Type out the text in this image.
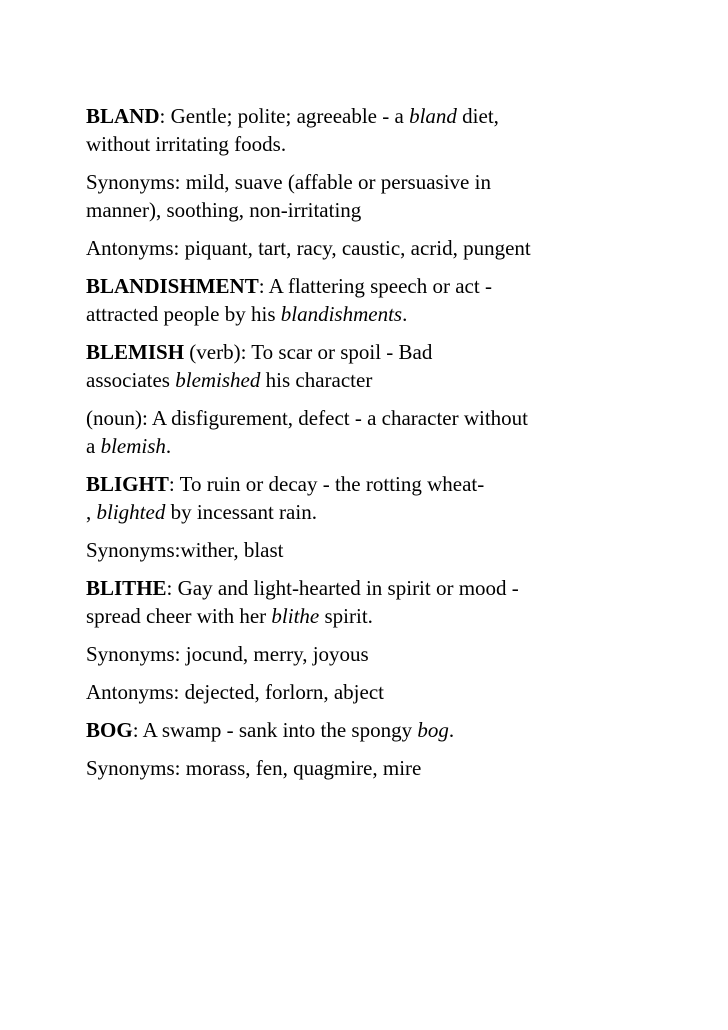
BLAND: Gentle; polite; agreeable - a bland diet,
without irritating foods.

Synonyms: mild, suave (affable or persuasive in
manner), soothing, non-irritating

Antonyms: piquant, tart, racy, caustic, acrid, pungent

BLANDISHMENT: A flattering speech or act -
attracted people by his blandishments.

BLEMISH (verb): To scar or spoil - Bad
associates blemished his character

(noun): A disfigurement, defect - a character without
a blemish.

BLIGHT: To ruin or decay - the rotting wheat-
, blighted by incessant rain.

Synonyms:wither, blast

BLITHE: Gay and light-hearted in spirit or mood -
spread cheer with her blithe spirit.

Synonyms: jocund, merry, joyous

Antonyms: dejected, forlorn, abject

BOG: A swamp - sank into the spongy bog.

Synonyms: morass, fen, quagmire, mire
